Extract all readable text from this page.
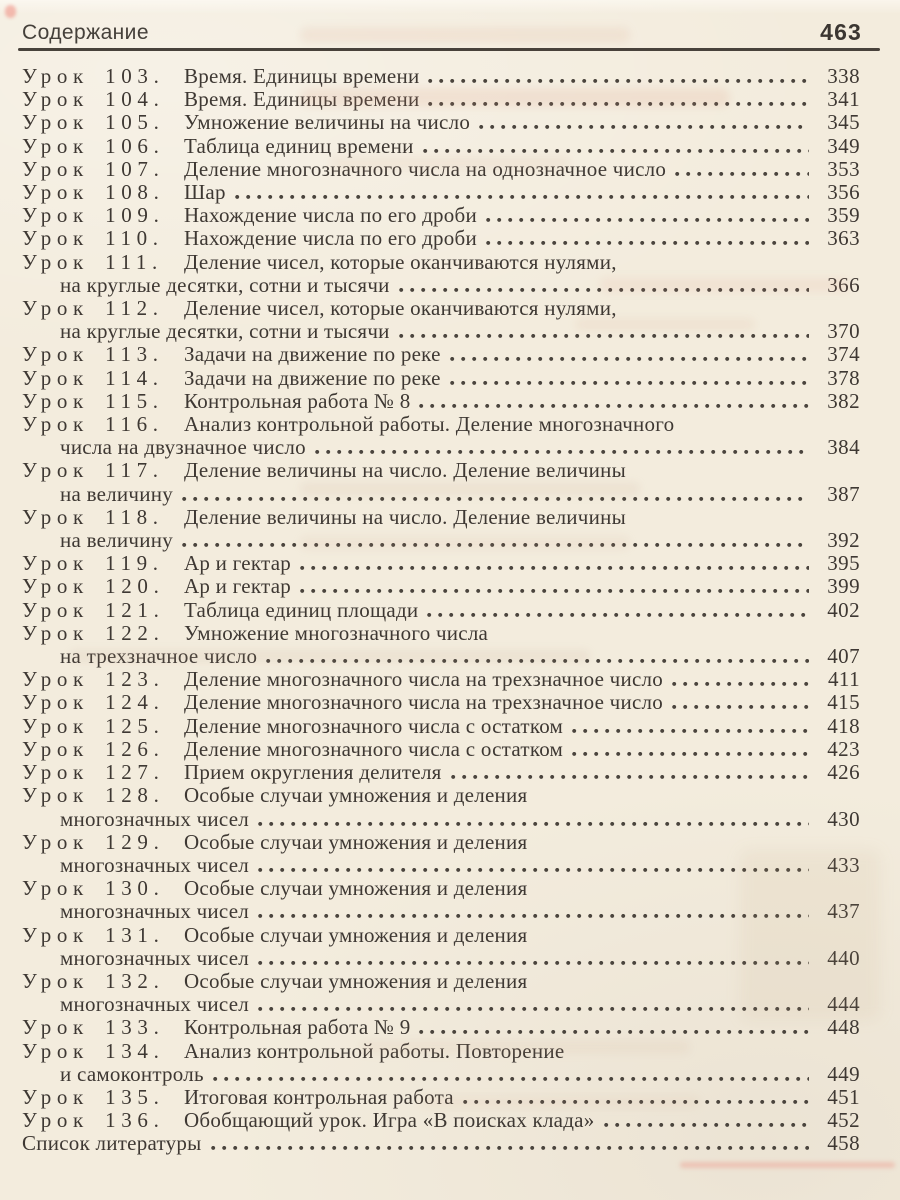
Содержание	463
Урок 103. Время. Единицы времени	338
Урок 104. Время. Единицы времени	341
Урок 105. Умножение величины на число	345
Урок 106. Таблица единиц времени	349
Урок 107. Деление многозначного числа на однозначное число	353
Урок 108. Шар	356
Урок 109. Нахождение числа по его дроби	359
Урок 110. Нахождение числа по его дроби	363
Урок 111.	Деление чисел, которые оканчиваются нулями,
на круглые десятки, сотни и тысячи	366
Урок 112. Деление чисел, которые оканчиваются нулями,
на круглые десятки, сотни и тысячи	370
Урок 113. Задачи на движение по реке	374
Урок 114. Задачи на движение по реке	378
Урок 115. Контрольная работа № 8	382
Урок 116. Анализ контрольной работы. Деление многозначного
числа на двузначное число	384
Урок 117. Деление величины на число. Деление величины
на величину	387
Урок 118. Деление величины на число. Деление величины
на величину	392
Урок 119. Ар и гектар	395
Урок 120. Ар и гектар	399
Урок 121. Таблица единиц площади	402
Урок 122. Умножение многозначного числа
на трехзначное число	407
Урок 123. Деление многозначного числа на трехзначное число	411
Урок 124. Деление многозначного числа на трехзначное число	415
Урок 125. Деление многозначного числа с остатком	418
Урок 126. Деление многозначного числа с остатком	423
Урок 127. Прием округления делителя	426
Урок 128. Особые случаи умножения и деления
многозначных чисел	430
Урок 129. Особые случаи умножения и деления
многозначных чисел	433
Урок 130. Особые случаи умножения и деления
многозначных чисел	437
Урок 131. Особые случаи умножения и деления
многозначных чисел	440
Урок 132. Особые случаи умножения и деления
многозначных чисел	444
Урок 133. Контрольная работа № 9	448
Урок 134. Анализ контрольной работы. Повторение
и самоконтроль	449
Урок 135. Итоговая контрольная работа	451
Урок 136. Обобщающий урок. Игра «В поисках клада»	452
Список литературы	458
